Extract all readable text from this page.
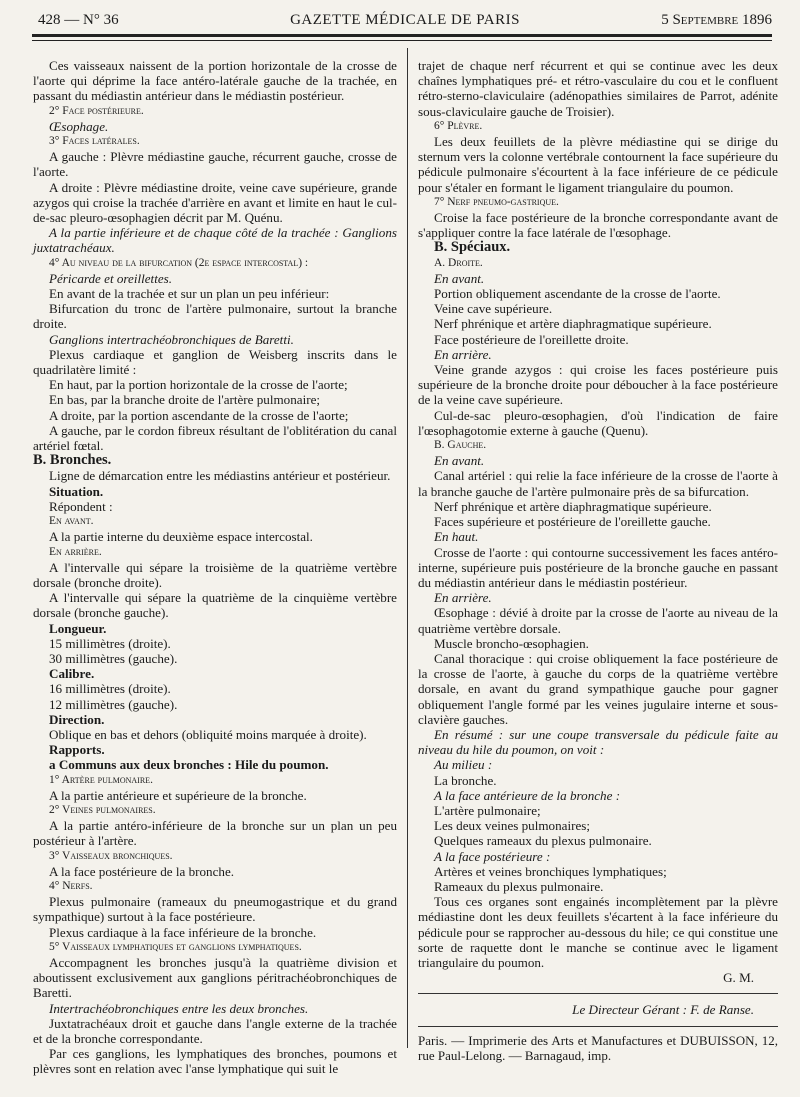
428 — N° 36	GAZETTE MÉDICALE DE PARIS	5 Septembre 1896

Ces vaisseaux naissent de la portion horizontale de la crosse de l'aorte qui déprime la face antéro-latérale gauche de la trachée, en passant du médiastin antérieur dans le médiastin postérieur.

2° Face postérieure.

Œsophage.

3° Faces latérales.

A gauche : Plèvre médiastine gauche, récurrent gauche, crosse de l'aorte.

A droite : Plèvre médiastine droite, veine cave supérieure, grande azygos qui croise la trachée d'arrière en avant et limite en haut le cul-de-sac pleuro-œsophagien décrit par M. Quénu.

A la partie inférieure et de chaque côté de la trachée : Ganglions juxtatrachéaux.

4° Au niveau de la bifurcation (2e espace intercostal) :

Péricarde et oreillettes.

En avant de la trachée et sur un plan un peu inférieur:

Bifurcation du tronc de l'artère pulmonaire, surtout la branche droite.

Ganglions intertrachéobronchiques de Baretti.

Plexus cardiaque et ganglion de Weisberg inscrits dans le quadrilatère limité :

En haut, par la portion horizontale de la crosse de l'aorte;

En bas, par la branche droite de l'artère pulmonaire;

A droite, par la portion ascendante de la crosse de l'aorte;

A gauche, par le cordon fibreux résultant de l'oblitération du canal artériel fœtal.

B. Bronches.

Ligne de démarcation entre les médiastins antérieur et postérieur.

Situation.

Répondent :

En avant.

A la partie interne du deuxième espace intercostal.

En arrière.

A l'intervalle qui sépare la troisième de la quatrième vertèbre dorsale (bronche droite).

A l'intervalle qui sépare la quatrième de la cinquième vertèbre dorsale (bronche gauche).

Longueur.

15 millimètres (droite).

30 millimètres (gauche).

Calibre.

16 millimètres (droite).

12 millimètres (gauche).

Direction.

Oblique en bas et dehors (obliquité moins marquée à droite).

Rapports.

a Communs aux deux bronches : Hile du poumon.

1° Artère pulmonaire.

A la partie antérieure et supérieure de la bronche.

2° Veines pulmonaires.

A la partie antéro-inférieure de la bronche sur un plan un peu postérieur à l'artère.

3° Vaisseaux bronchiques.

A la face postérieure de la bronche.

4° Nerfs.

Plexus pulmonaire (rameaux du pneumogastrique et du grand sympathique) surtout à la face postérieure.

Plexus cardiaque à la face inférieure de la bronche.

5° Vaisseaux lymphatiques et ganglions lymphatiques.

Accompagnent les bronches jusqu'à la quatrième division et aboutissent exclusivement aux ganglions péritrachéobronchiques de Baretti.

Intertrachéobronchiques entre les deux bronches.

Juxtatrachéaux droit et gauche dans l'angle externe de la trachée et de la bronche correspondante.

Par ces ganglions, les lymphatiques des bronches, poumons et plèvres sont en relation avec l'anse lymphatique qui suit le

trajet de chaque nerf récurrent et qui se continue avec les deux chaînes lymphatiques pré- et rétro-vasculaire du cou et le confluent rétro-sterno-claviculaire (adénopathies similaires de Parrot, adénite sous-claviculaire gauche de Troisier).

6° Plèvre.

Les deux feuillets de la plèvre médiastine qui se dirige du sternum vers la colonne vertébrale contournent la face supérieure du pédicule pulmonaire s'écourtent à la face inférieure de ce pédicule pour s'étaler en formant le ligament triangulaire du poumon.

7° Nerf pneumo-gastrique.

Croise la face postérieure de la bronche correspondante avant de s'appliquer contre la face latérale de l'œsophage.

B. Spéciaux.

A. Droite.

En avant.

Portion obliquement ascendante de la crosse de l'aorte.

Veine cave supérieure.

Nerf phrénique et artère diaphragmatique supérieure.

Face postérieure de l'oreillette droite.

En arrière.

Veine grande azygos : qui croise les faces postérieure puis supérieure de la bronche droite pour déboucher à la face postérieure de la veine cave supérieure.

Cul-de-sac pleuro-œsophagien, d'où l'indication de faire l'œsophagotomie externe à gauche (Quenu).

B. Gauche.

En avant.

Canal artériel : qui relie la face inférieure de la crosse de l'aorte à la branche gauche de l'artère pulmonaire près de sa bifurcation.

Nerf phrénique et artère diaphragmatique supérieure.

Faces supérieure et postérieure de l'oreillette gauche.

En haut.

Crosse de l'aorte : qui contourne successivement les faces antéro-interne, supérieure puis postérieure de la bronche gauche en passant du médiastin antérieur dans le médiastin postérieur.

En arrière.

Œsophage : dévié à droite par la crosse de l'aorte au niveau de la quatrième vertèbre dorsale.

Muscle broncho-œsophagien.

Canal thoracique : qui croise obliquement la face postérieure de la crosse de l'aorte, à gauche du corps de la quatrième vertèbre dorsale, en avant du grand sympathique gauche pour gagner obliquement l'angle formé par les veines jugulaire interne et sous-clavière gauches.

En résumé : sur une coupe transversale du pédicule faite au niveau du hile du poumon, on voit :

Au milieu :

La bronche.

A la face antérieure de la bronche :

L'artère pulmonaire;

Les deux veines pulmonaires;

Quelques rameaux du plexus pulmonaire.

A la face postérieure :

Artères et veines bronchiques lymphatiques;

Rameaux du plexus pulmonaire.

Tous ces organes sont engainés incomplètement par la plèvre médiastine dont les deux feuillets s'écartent à la face inférieure du pédicule pour se rapprocher au-dessous du hile; ce qui constitue une sorte de raquette dont le manche se continue avec le ligament triangulaire du poumon.

G. M.

Le Directeur Gérant : F. de Ranse.

Paris. — Imprimerie des Arts et Manufactures et DUBUISSON, 12, rue Paul-Lelong. — Barnagaud, imp.
